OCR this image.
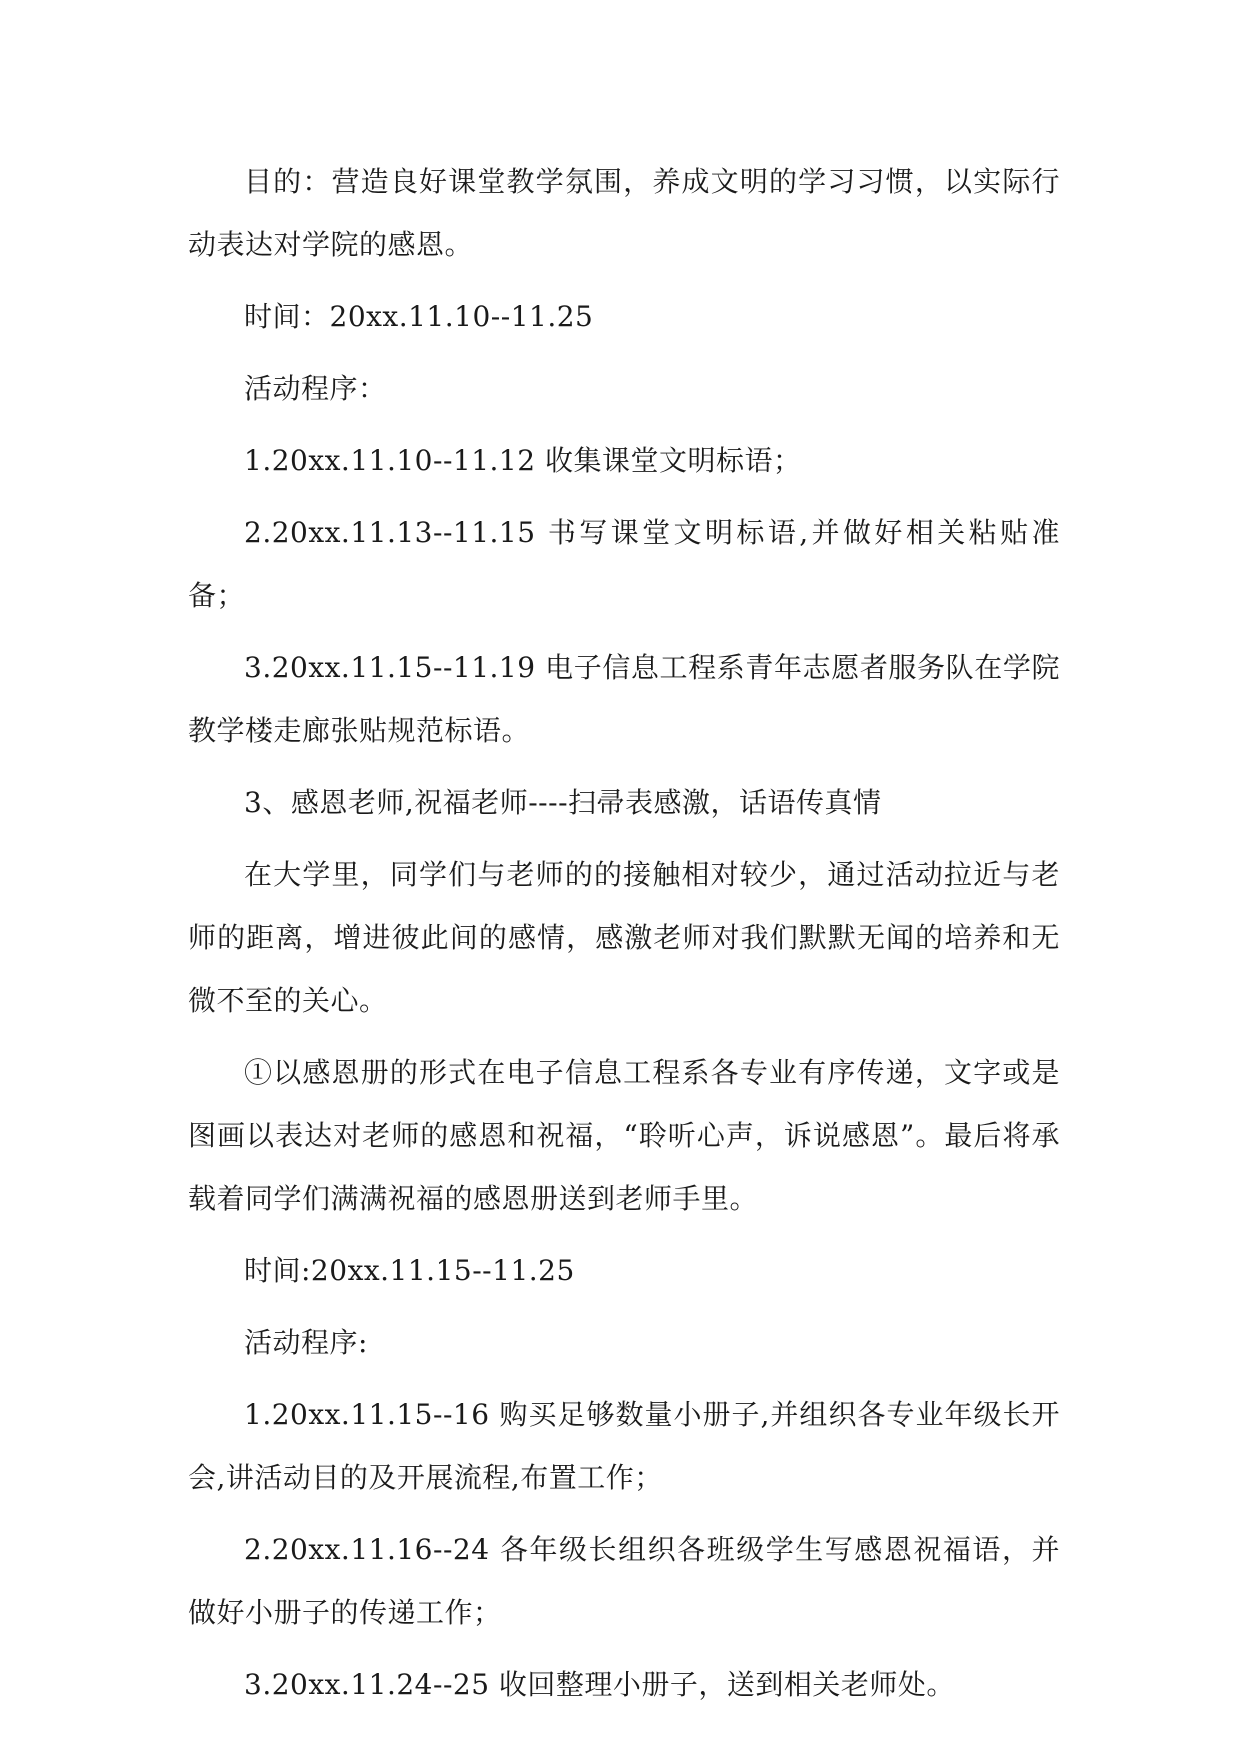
目的：营造良好课堂教学氛围，养成文明的学习习惯，以实际行动表达对学院的感恩。

时间：20xx.11.10--11.25

活动程序：

1.20xx.11.10--11.12 收集课堂文明标语；

2.20xx.11.13--11.15 书写课堂文明标语,并做好相关粘贴准备；

3.20xx.11.15--11.19 电子信息工程系青年志愿者服务队在学院教学楼走廊张贴规范标语。

3、感恩老师,祝福老师----扫帚表感激，话语传真情

在大学里，同学们与老师的的接触相对较少，通过活动拉近与老师的距离，增进彼此间的感情，感激老师对我们默默无闻的培养和无微不至的关心。

①以感恩册的形式在电子信息工程系各专业有序传递，文字或是图画以表达对老师的感恩和祝福，“聆听心声，诉说感恩”。最后将承载着同学们满满祝福的感恩册送到老师手里。

时间:20xx.11.15--11.25

活动程序:

1.20xx.11.15--16 购买足够数量小册子,并组织各专业年级长开会,讲活动目的及开展流程,布置工作；

2.20xx.11.16--24 各年级长组织各班级学生写感恩祝福语，并做好小册子的传递工作；

3.20xx.11.24--25 收回整理小册子，送到相关老师处。
